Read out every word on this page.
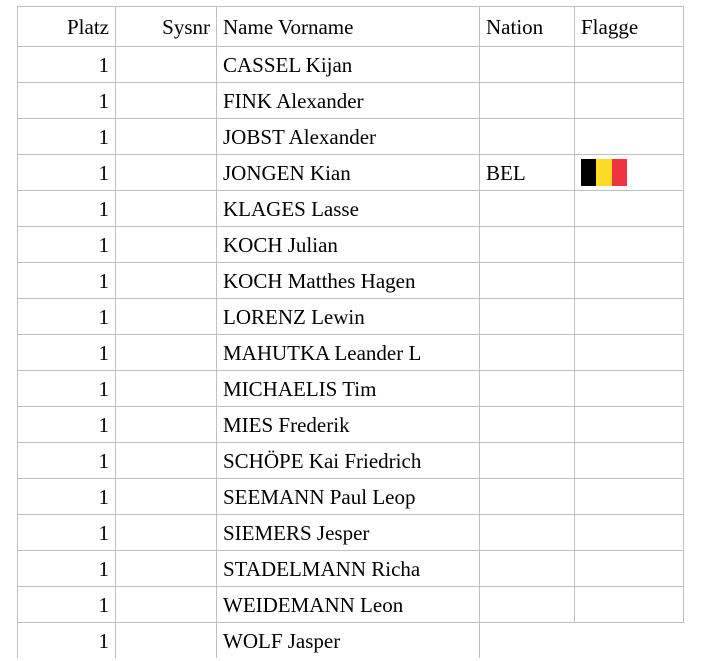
Platz	Sysnr	Name Vorname	Nation	Flagge
1		CASSEL Kijan		
1		FINK Alexander		
1		JOBST Alexander		
1		JONGEN Kian	BEL	

1		KLAGES Lasse		
1		KOCH Julian		
1		KOCH Matthes Hagen		
1		LORENZ Lewin		
1		MAHUTKA Leander L		
1		MICHAELIS Tim		
1		MIES Frederik		
1		SCHÖPE Kai Friedrich		
1		SEEMANN Paul Leop		
1		SIEMERS Jesper		
1		STADELMANN Richa		
1		WEIDEMANN Leon		
1		WOLF Jasper		
